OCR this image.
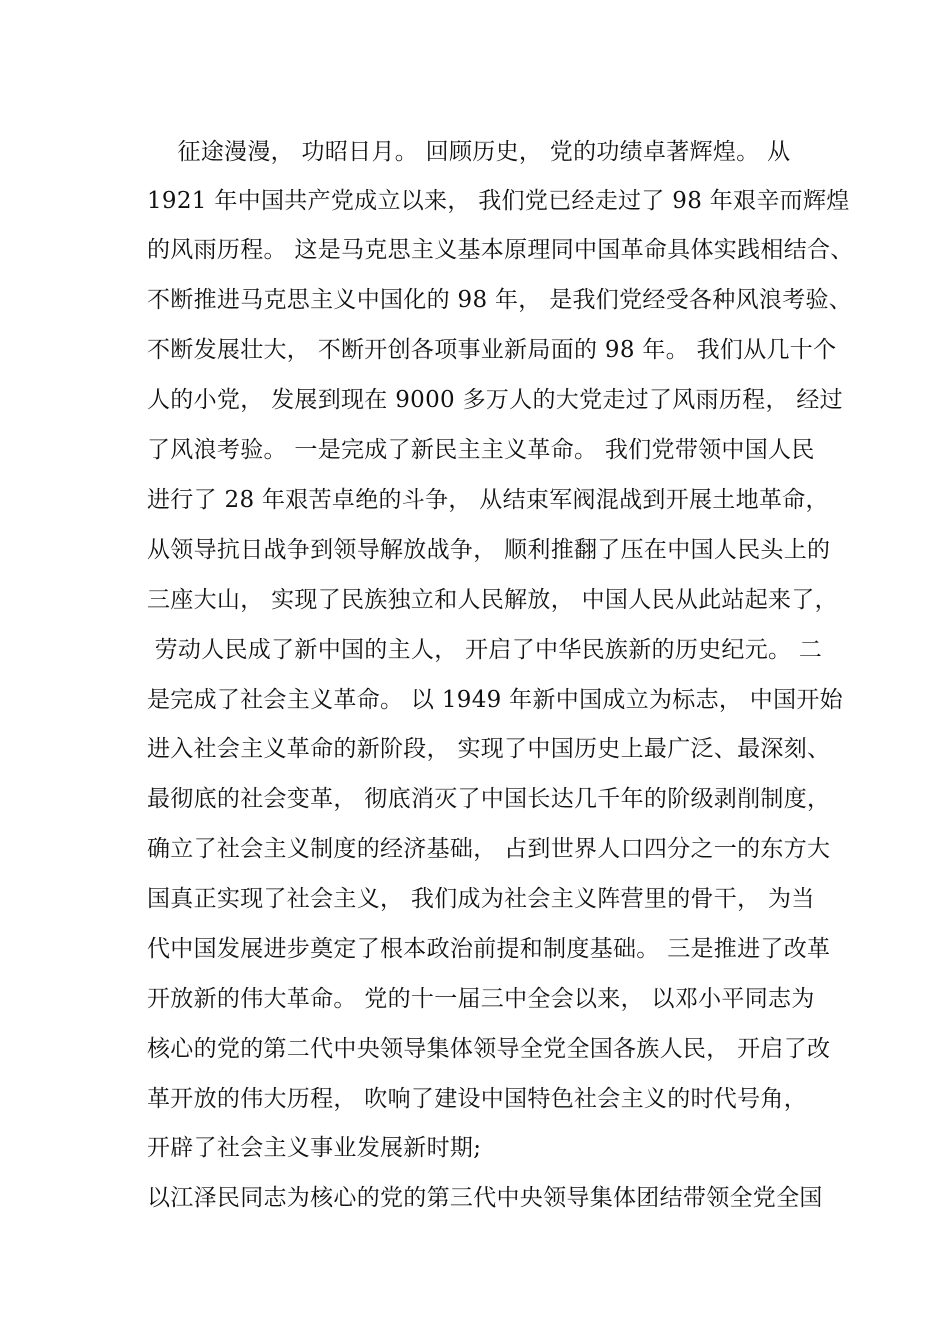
征途漫漫， 功昭日月。 回顾历史， 党的功绩卓著辉煌。 从
1921 年中国共产党成立以来， 我们党已经走过了 98 年艰辛而辉煌
的风雨历程。 这是马克思主义基本原理同中国革命具体实践相结合、
不断推进马克思主义中国化的 98 年， 是我们党经受各种风浪考验、
不断发展壮大， 不断开创各项事业新局面的 98 年。 我们从几十个
人的小党， 发展到现在 9000 多万人的大党走过了风雨历程， 经过
了风浪考验。 一是完成了新民主主义革命。 我们党带领中国人民
进行了 28 年艰苦卓绝的斗争， 从结束军阀混战到开展土地革命，
从领导抗日战争到领导解放战争， 顺利推翻了压在中国人民头上的
三座大山， 实现了民族独立和人民解放， 中国人民从此站起来了，
劳动人民成了新中国的主人， 开启了中华民族新的历史纪元。 二
是完成了社会主义革命。 以 1949 年新中国成立为标志， 中国开始
进入社会主义革命的新阶段， 实现了中国历史上最广泛、最深刻、
最彻底的社会变革， 彻底消灭了中国长达几千年的阶级剥削制度，
确立了社会主义制度的经济基础， 占到世界人口四分之一的东方大
国真正实现了社会主义， 我们成为社会主义阵营里的骨干， 为当
代中国发展进步奠定了根本政治前提和制度基础。 三是推进了改革
开放新的伟大革命。 党的十一届三中全会以来， 以邓小平同志为
核心的党的第二代中央领导集体领导全党全国各族人民， 开启了改
革开放的伟大历程， 吹响了建设中国特色社会主义的时代号角，
开辟了社会主义事业发展新时期;
以江泽民同志为核心的党的第三代中央领导集体团结带领全党全国
